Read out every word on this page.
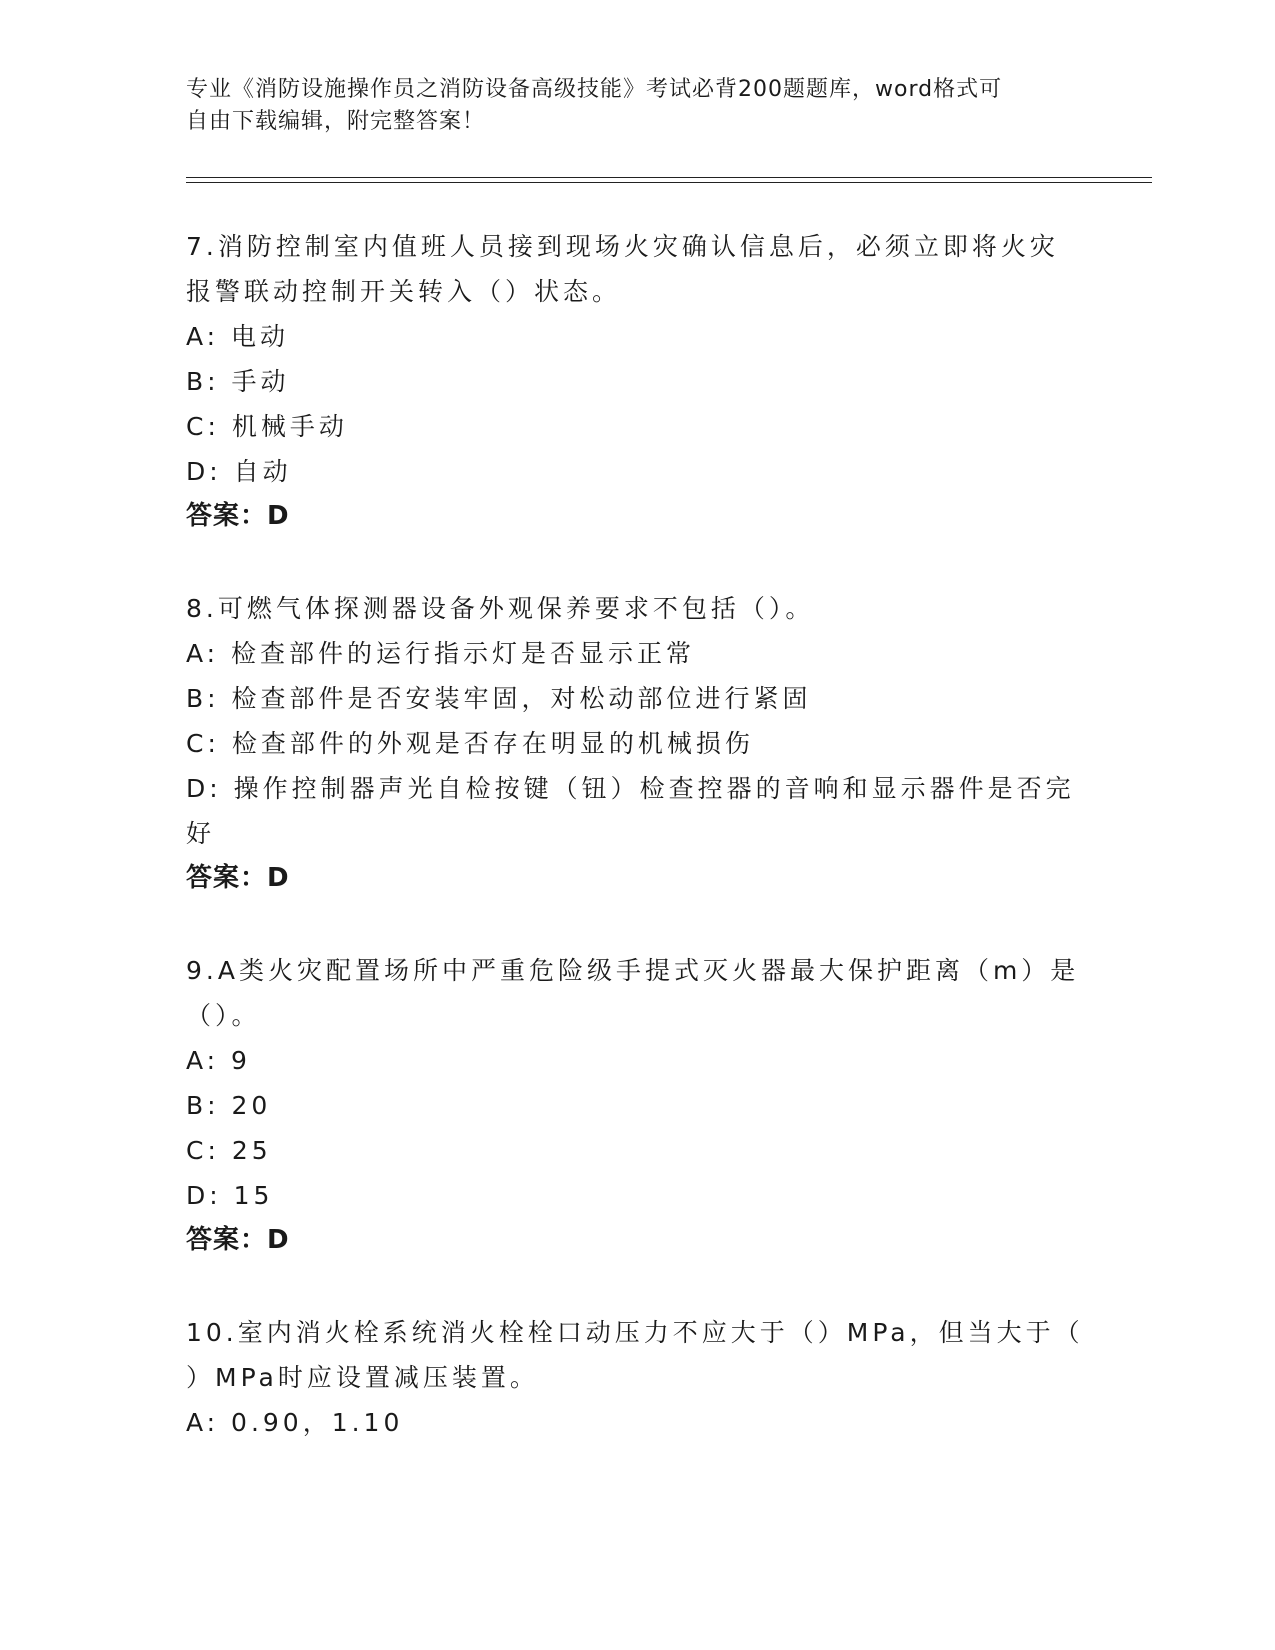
专业《消防设施操作员之消防设备高级技能》考试必背200题题库，word格式可
自由下载编辑，附完整答案！
7.消防控制室内值班人员接到现场火灾确认信息后，必须立即将火灾
报警联动控制开关转入（）状态。
A: 电动
B: 手动
C: 机械手动
D: 自动
答案：D
8.可燃气体探测器设备外观保养要求不包括（）。
A: 检查部件的运行指示灯是否显示正常
B: 检查部件是否安装牢固，对松动部位进行紧固
C: 检查部件的外观是否存在明显的机械损伤
D: 操作控制器声光自检按键（钮）检查控器的音响和显示器件是否完
好
答案：D
9.A类火灾配置场所中严重危险级手提式灭火器最大保护距离（m）是
（）。
A: 9
B: 20
C: 25
D: 15
答案：D
10.室内消火栓系统消火栓栓口动压力不应大于（）MPa，但当大于（
）MPa时应设置减压装置。
A: 0.90，1.10
